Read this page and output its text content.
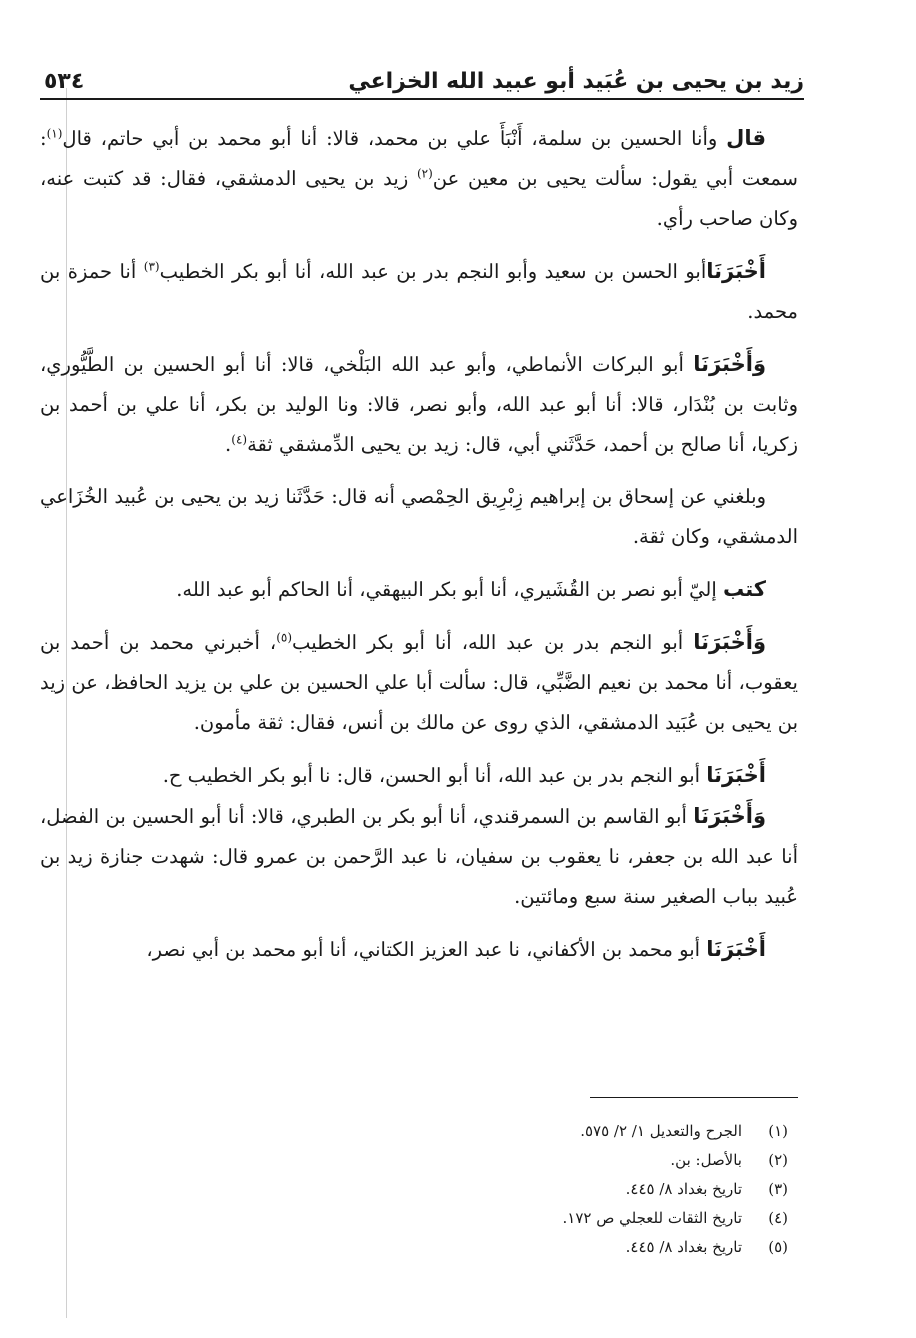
زيد بن يحيى بن عُبَيد أبو عبيد الله الخزاعي
٥٣٤

قال وأنا الحسين بن سلمة، أَنْبَأَ علي بن محمد، قالا: أنا أبو محمد بن أبي حاتم، قال$^{(١)}$: سمعت أبي يقول: سألت يحيى بن معين عن$^{(٢)}$ زيد بن يحيى الدمشقي، فقال: قد كتبت عنه، وكان صاحب رأي.

أَخْبَرَنَاأبو الحسن بن سعيد وأبو النجم بدر بن عبد الله، أنا أبو بكر الخطيب$^{(٣)}$ أنا حمزة بن محمد.

وَأَخْبَرَنَا أبو البركات الأنماطي، وأبو عبد الله البَلْخي، قالا: أنا أبو الحسين بن الطَّيُّوري، وثابت بن بُنْدَار، قالا: أنا أبو عبد الله، وأبو نصر، قالا: ونا الوليد بن بكر، أنا علي بن أحمد بن زكريا، أنا صالح بن أحمد، حَدَّثَني أبي، قال: زيد بن يحيى الدِّمشقي ثقة$^{(٤)}$.

وبلغني عن إسحاق بن إبراهيم زِبْرِيق الحِمْصي أنه قال: حَدَّثَنا زيد بن يحيى بن عُبيد الخُزَاعي الدمشقي، وكان ثقة.

كتب إليّ أبو نصر بن القُشَيري، أنا أبو بكر البيهقي، أنا الحاكم أبو عبد الله.

وَأَخْبَرَنَا أبو النجم بدر بن عبد الله، أنا أبو بكر الخطيب$^{(٥)}$، أخبرني محمد بن أحمد بن يعقوب، أنا محمد بن نعيم الضَّبِّي، قال: سألت أبا علي الحسين بن علي بن يزيد الحافظ، عن زيد بن يحيى بن عُبَيد الدمشقي، الذي روى عن مالك بن أنس، فقال: ثقة مأمون.

أَخْبَرَنَا أبو النجم بدر بن عبد الله، أنا أبو الحسن، قال: نا أبو بكر الخطيب ح.

وَأَخْبَرَنَا أبو القاسم بن السمرقندي، أنا أبو بكر بن الطبري، قالا: أنا أبو الحسين بن الفضل، أنا عبد الله بن جعفر، نا يعقوب بن سفيان، نا عبد الرَّحمن بن عمرو قال: شهدت جنازة زيد بن عُبيد بباب الصغير سنة سبع ومائتين.

أَخْبَرَنَا أبو محمد بن الأكفاني، نا عبد العزيز الكتاني، أنا أبو محمد بن أبي نصر،

(١)
الجرح والتعديل ١/ ٢/ ٥٧٥.
(٢)
بالأصل: بن.
(٣)
تاريخ بغداد ٨/ ٤٤٥.
(٤)
تاريخ الثقات للعجلي ص ١٧٢.
(٥)
تاريخ بغداد ٨/ ٤٤٥.
